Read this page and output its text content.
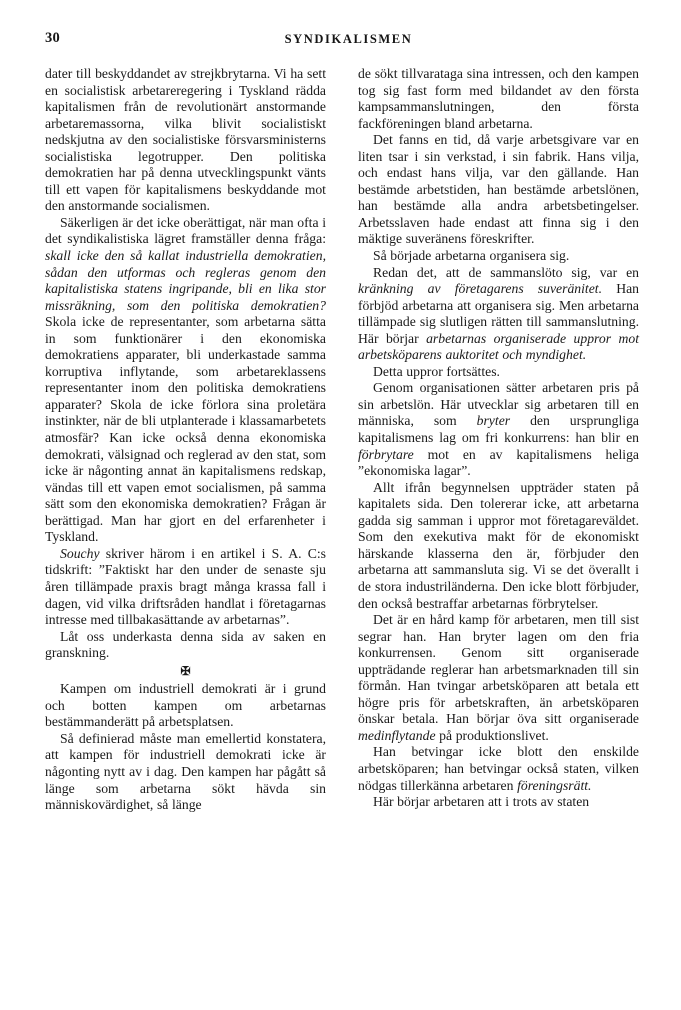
30	SYNDIKALISMEN

dater till beskyddandet av strejkbrytarna. Vi ha sett en socialistisk arbetareregering i Tyskland rädda kapitalismen från de revolutionärt anstormande arbetaremassorna, vilka blivit socialistiskt nedskjutna av den socialistiske försvarsministerns socialistiska legotrupper. Den politiska demokratien har på denna utvecklingspunkt vänts till ett vapen för kapitalismens beskyddande mot den anstormande socialismen.

Säkerligen är det icke oberättigat, när man ofta i det syndikalistiska lägret framställer denna fråga: skall icke den så kallat industriella demokratien, sådan den utformas och regleras genom den kapitalistiska statens ingripande, bli en lika stor missräkning, som den politiska demokratien? Skola icke de representanter, som arbetarna sätta in som funktionärer i den ekonomiska demokratiens apparater, bli underkastade samma korruptiva inflytande, som arbetareklassens representanter inom den politiska demokratiens apparater? Skola de icke förlora sina proletära instinkter, när de bli utplanterade i klassamarbetets atmosfär? Kan icke också denna ekonomiska demokrati, välsignad och reglerad av den stat, som icke är någonting annat än kapitalismens redskap, vändas till ett vapen emot socialismen, på samma sätt som den ekonomiska demokratien? Frågan är berättigad. Man har gjort en del erfarenheter i Tyskland.

Souchy skriver härom i en artikel i S. A. C:s tidskrift: ”Faktiskt har den under de senaste sju åren tillämpade praxis bragt många krassa fall i dagen, vid vilka driftsråden handlat i företagarnas intresse med tillbakasättande av arbetarnas”.

Låt oss underkasta denna sida av saken en granskning.

✠

Kampen om industriell demokrati är i grund och botten kampen om arbetarnas bestämmanderätt på arbetsplatsen.

Så definierad måste man emellertid konstatera, att kampen för industriell demokrati icke är någonting nytt av i dag. Den kampen har pågått så länge som arbetarna sökt hävda sin människovärdighet, så länge

de sökt tillvarataga sina intressen, och den kampen tog sig fast form med bildandet av den första kampsammanslutningen, den första fackföreningen bland arbetarna.

Det fanns en tid, då varje arbetsgivare var en liten tsar i sin verkstad, i sin fabrik. Hans vilja, och endast hans vilja, var den gällande. Han bestämde arbetstiden, han bestämde arbetslönen, han bestämde alla andra arbetsbetingelser. Arbetsslaven hade endast att finna sig i den mäktige suveränens föreskrifter.

Så började arbetarna organisera sig.

Redan det, att de sammanslöto sig, var en kränkning av företagarens suveränitet. Han förbjöd arbetarna att organisera sig. Men arbetarna tillämpade sig slutligen rätten till sammanslutning. Här börjar arbetarnas organiserade uppror mot arbetsköparens auktoritet och myndighet.

Detta uppror fortsättes.

Genom organisationen sätter arbetaren pris på sin arbetslön. Här utvecklar sig arbetaren till en människa, som bryter den ursprungliga kapitalismens lag om fri konkurrens: han blir en förbrytare mot en av kapitalismens heliga ”ekonomiska lagar”.

Allt ifrån begynnelsen uppträder staten på kapitalets sida. Den tolererar icke, att arbetarna gadda sig samman i uppror mot företagareväldet. Som den exekutiva makt för de ekonomiskt härskande klasserna den är, förbjuder den arbetarna att sammansluta sig. Vi se det överallt i de stora industriländerna. Den icke blott förbjuder, den också bestraffar arbetarnas förbrytelser.

Det är en hård kamp för arbetaren, men till sist segrar han. Han bryter lagen om den fria konkurrensen. Genom sitt organiserade uppträdande reglerar han arbetsmarknaden till sin förmån. Han tvingar arbetsköparen att betala ett högre pris för arbetskraften, än arbetsköparen önskar betala. Han börjar öva sitt organiserade medinflytande på produktionslivet.

Han betvingar icke blott den enskilde arbetsköparen; han betvingar också staten, vilken nödgas tillerkänna arbetaren föreningsrätt.

Här börjar arbetaren att i trots av staten
